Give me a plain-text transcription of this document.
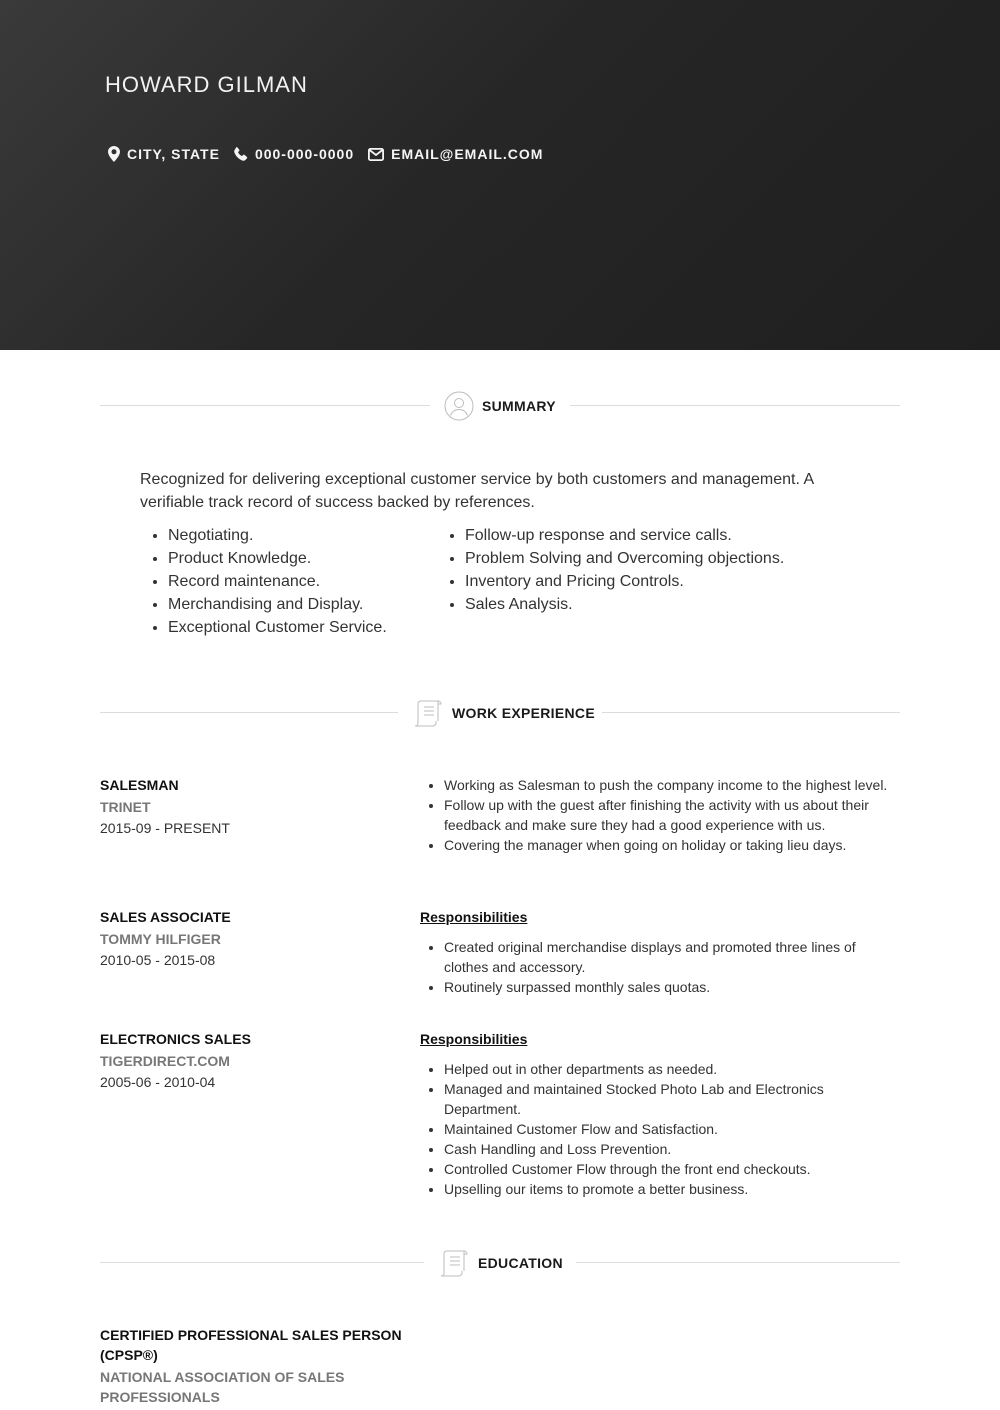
HOWARD GILMAN
CITY, STATE	000-000-0000	EMAIL@EMAIL.COM
SUMMARY
Recognized for delivering exceptional customer service by both customers and management. A verifiable track record of success backed by references.
• Negotiating.
• Product Knowledge.
• Record maintenance.
• Merchandising and Display.
• Exceptional Customer Service.
• Follow-up response and service calls.
• Problem Solving and Overcoming objections.
• Inventory and Pricing Controls.
• Sales Analysis.
WORK EXPERIENCE
SALESMAN
TRINET
2015-09 - PRESENT
• Working as Salesman to push the company income to the highest level.
• Follow up with the guest after finishing the activity with us about their feedback and make sure they had a good experience with us.
• Covering the manager when going on holiday or taking lieu days.
SALES ASSOCIATE
TOMMY HILFIGER
2010-05 - 2015-08
Responsibilities
• Created original merchandise displays and promoted three lines of clothes and accessory.
• Routinely surpassed monthly sales quotas.
ELECTRONICS SALES
TIGERDIRECT.COM
2005-06 - 2010-04
Responsibilities
• Helped out in other departments as needed.
• Managed and maintained Stocked Photo Lab and Electronics Department.
• Maintained Customer Flow and Satisfaction.
• Cash Handling and Loss Prevention.
• Controlled Customer Flow through the front end checkouts.
• Upselling our items to promote a better business.
EDUCATION
CERTIFIED PROFESSIONAL SALES PERSON (CPSP®)
NATIONAL ASSOCIATION OF SALES PROFESSIONALS
